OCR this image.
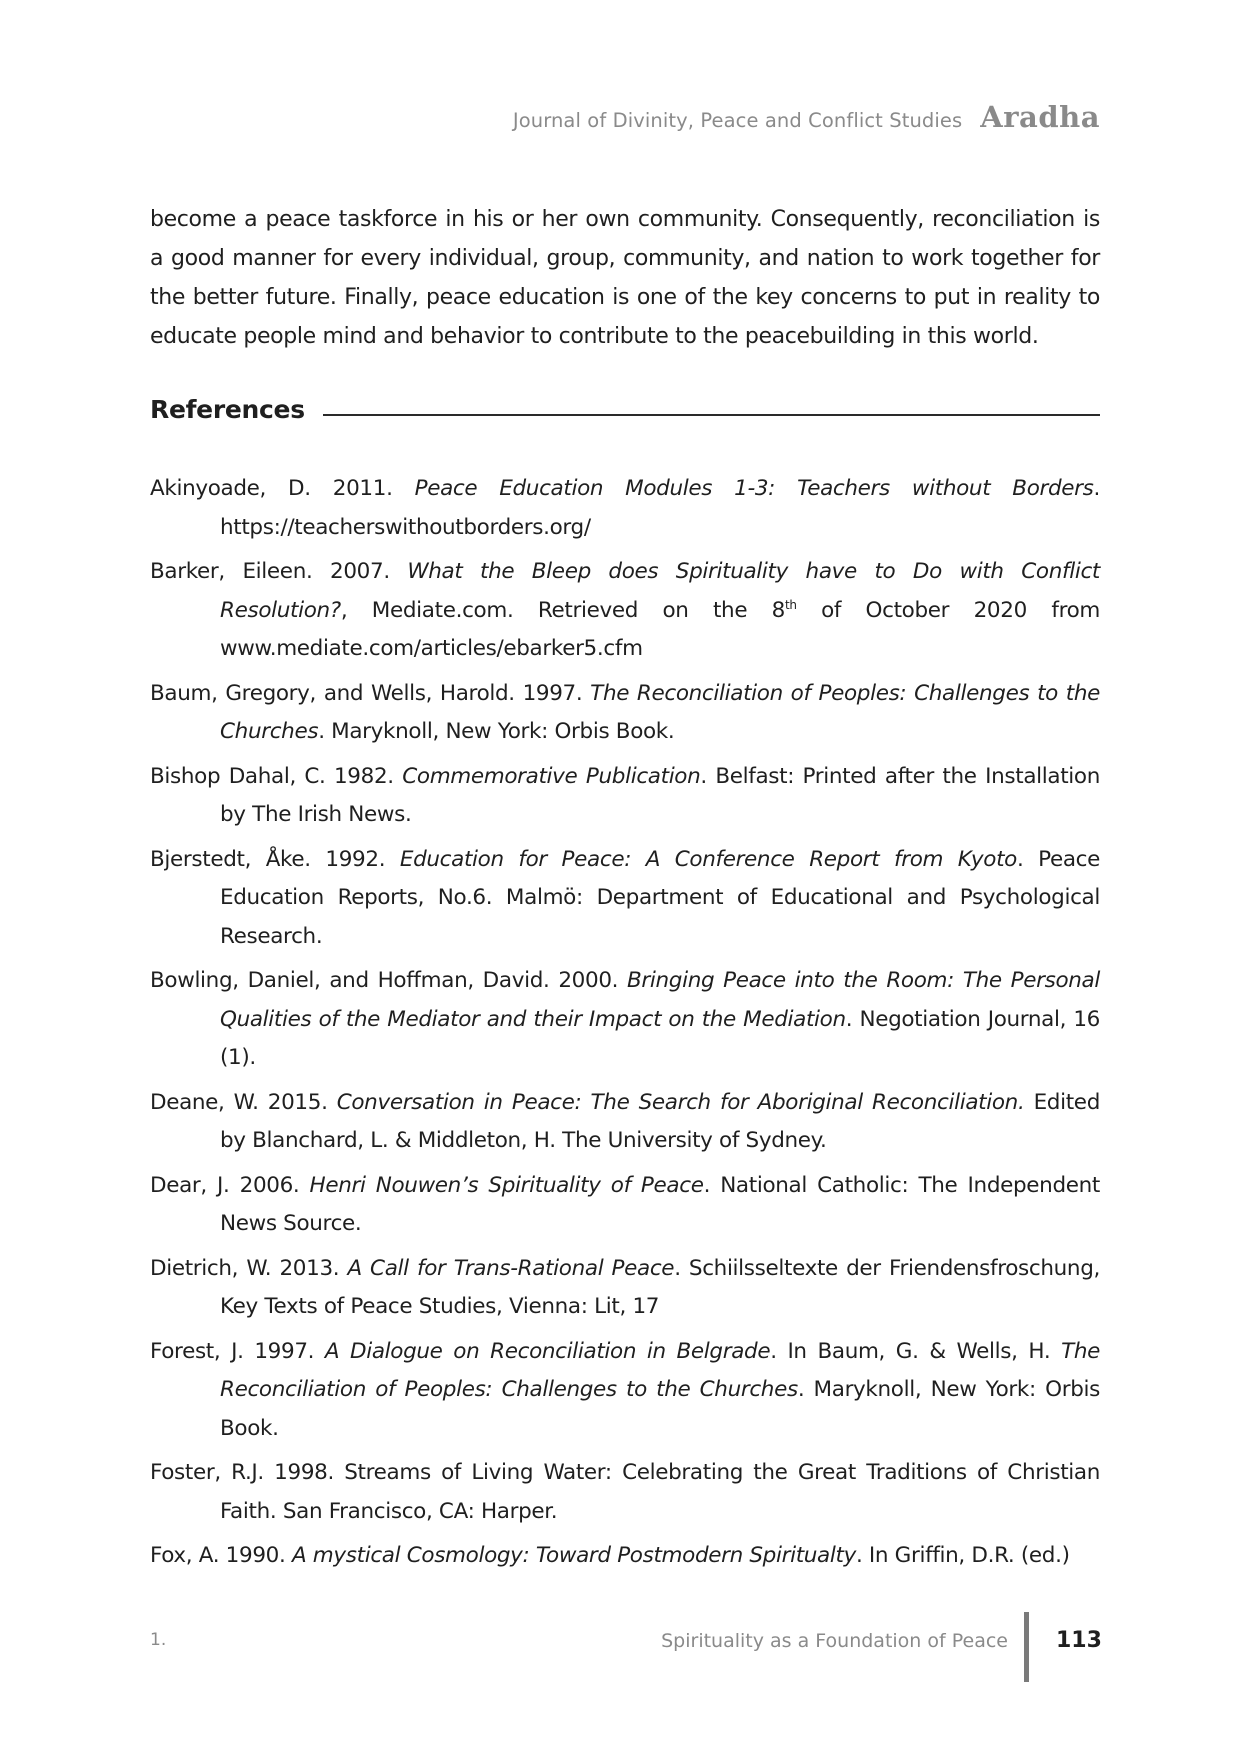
Journal of Divinity, Peace and Conflict Studies Aradha

become a peace taskforce in his or her own community. Consequently, reconciliation is a good manner for every individual, group, community, and nation to work together for the better future. Finally, peace education is one of the key concerns to put in reality to educate people mind and behavior to contribute to the peacebuilding in this world.

References
Akinyoade, D. 2011. Peace Education Modules 1-3: Teachers without Borders. https://teacherswithoutborders.org/
Barker, Eileen. 2007. What the Bleep does Spirituality have to Do with Conflict Resolution?, Mediate.com. Retrieved on the 8th of October 2020 from www.mediate.com/articles/ebarker5.cfm
Baum, Gregory, and Wells, Harold. 1997. The Reconciliation of Peoples: Challenges to the Churches. Maryknoll, New York: Orbis Book.
Bishop Dahal, C. 1982. Commemorative Publication. Belfast: Printed after the Installation by The Irish News.
Bjerstedt, Åke. 1992. Education for Peace: A Conference Report from Kyoto. Peace Education Reports, No.6. Malmö: Department of Educational and Psychological Research.
Bowling, Daniel, and Hoffman, David. 2000. Bringing Peace into the Room: The Personal Qualities of the Mediator and their Impact on the Mediation. Negotiation Journal, 16 (1).
Deane, W. 2015. Conversation in Peace: The Search for Aboriginal Reconciliation. Edited by Blanchard, L. & Middleton, H. The University of Sydney.
Dear, J. 2006. Henri Nouwen’s Spirituality of Peace. National Catholic: The Independent News Source.
Dietrich, W. 2013. A Call for Trans-Rational Peace. Schiilsseltexte der Friendensfroschung, Key Texts of Peace Studies, Vienna: Lit, 17
Forest, J. 1997. A Dialogue on Reconciliation in Belgrade. In Baum, G. & Wells, H. The Reconciliation of Peoples: Challenges to the Churches. Maryknoll, New York: Orbis Book.
Foster, R.J. 1998. Streams of Living Water: Celebrating the Great Traditions of Christian Faith. San Francisco, CA: Harper.
Fox, A. 1990. A mystical Cosmology: Toward Postmodern Spiritualty. In Griffin, D.R. (ed.)
1.	Spirituality as a Foundation of Peace 113
